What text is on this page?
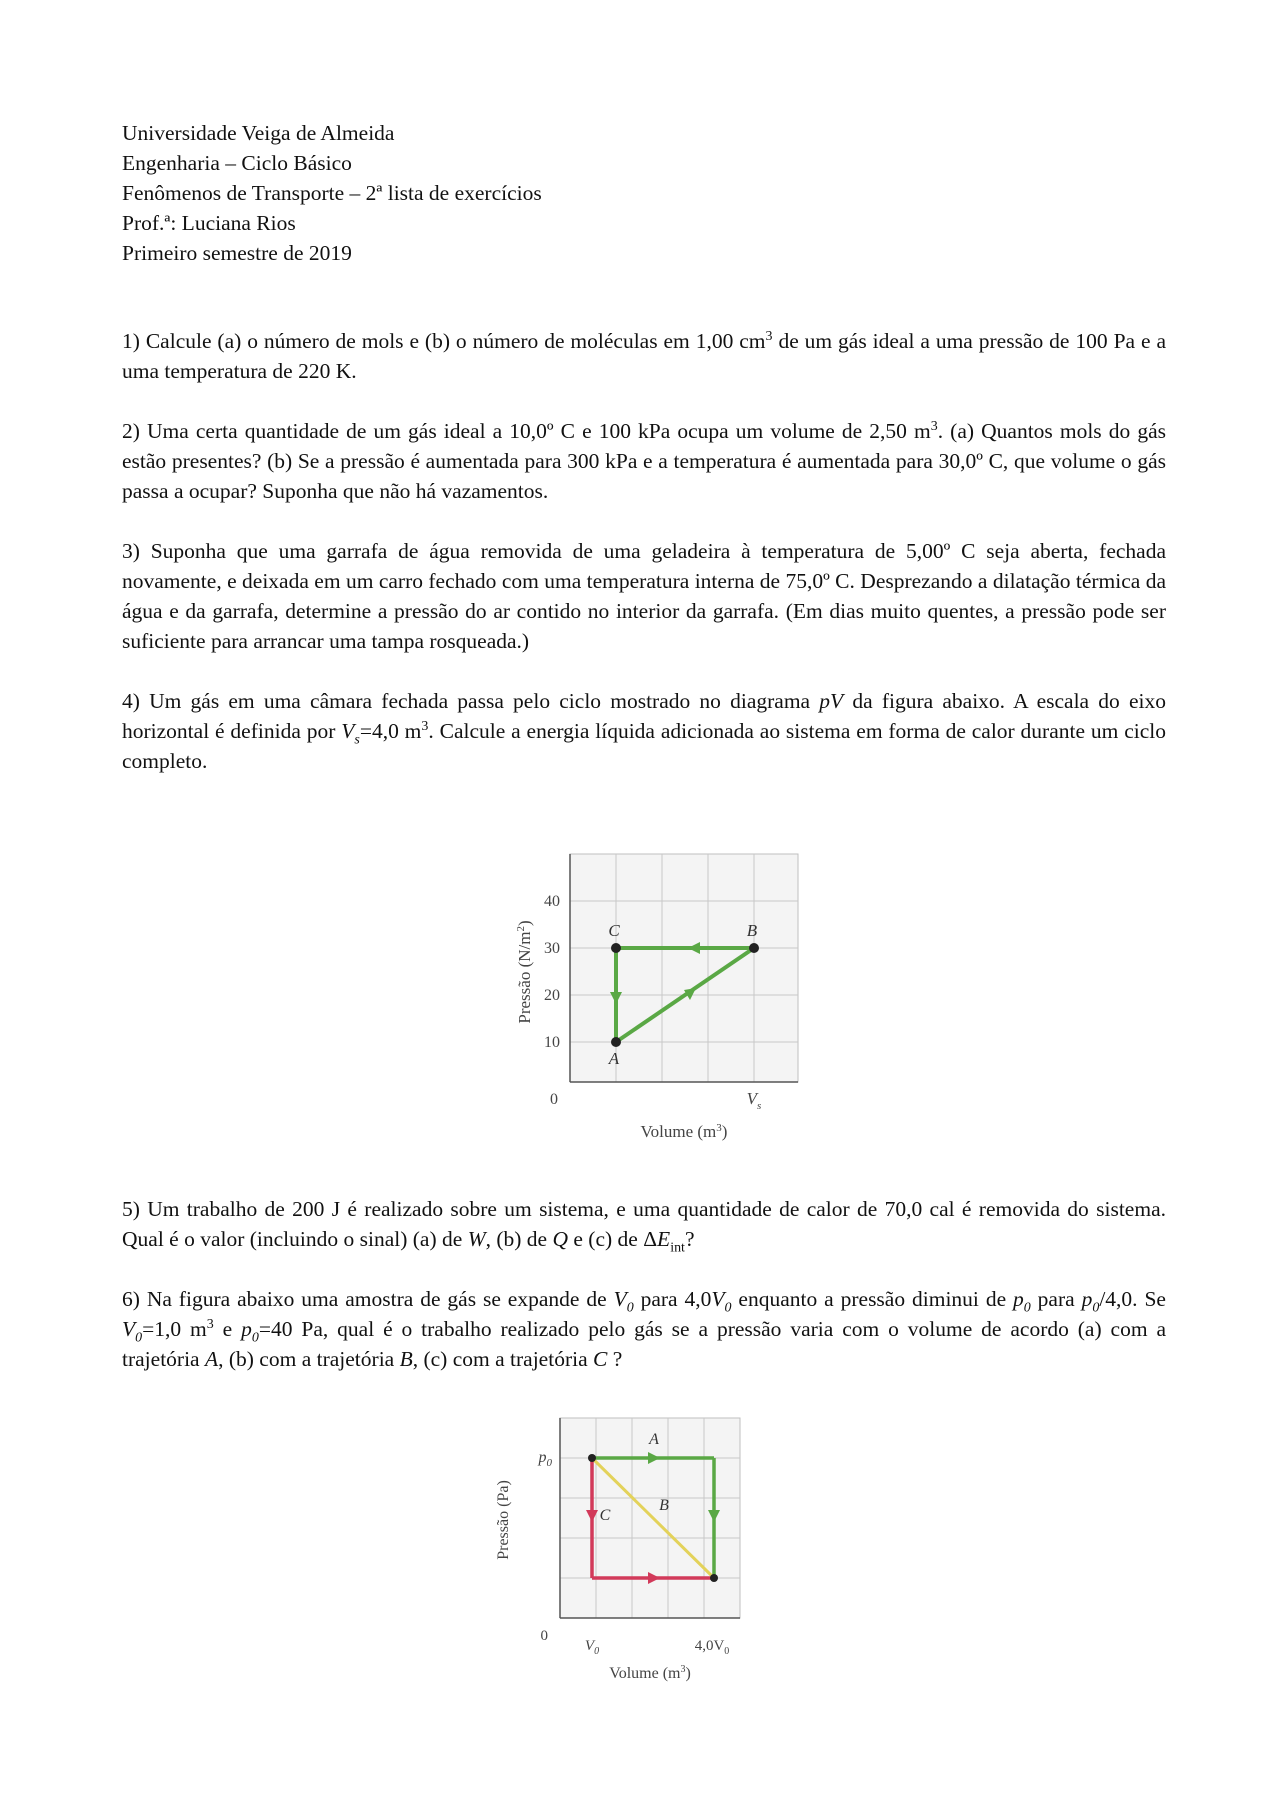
Universidade Veiga de Almeida

Engenharia – Ciclo Básico

Fenômenos de Transporte – 2ª lista de exercícios

Prof.ª: Luciana Rios

Primeiro semestre de 2019

1) Calcule (a) o número de mols e (b) o número de moléculas em 1,00 $cm^3$ de um gás ideal a uma pressão de 100 Pa e a uma temperatura de 220 K.

2) Uma certa quantidade de um gás ideal a 10,0º C e 100 kPa ocupa um volume de 2,50 $m^3$. (a) Quantos mols do gás estão presentes? (b) Se a pressão é aumentada para 300 kPa e a temperatura é aumentada para 30,0º C, que volume o gás passa a ocupar? Suponha que não há vazamentos.

3) Suponha que uma garrafa de água removida de uma geladeira à temperatura de 5,00º C seja aberta, fechada novamente, e deixada em um carro fechado com uma temperatura interna de 75,0º C. Desprezando a dilatação térmica da água e da garrafa, determine a pressão do ar contido no interior da garrafa. (Em dias muito quentes, a pressão pode ser suficiente para arrancar uma tampa rosqueada.)

4) Um gás em uma câmara fechada passa pelo ciclo mostrado no diagrama pV da figura abaixo. A escala do eixo horizontal é definida por $V_s=4,0$ $m^3$. Calcule a energia líquida adicionada ao sistema em forma de calor durante um ciclo completo.

40
30
20
10
0
Pressão $(N/m^2)$	C	B
A
$V_s$
Volume $(m^3)$

5) Um trabalho de 200 J é realizado sobre um sistema, e uma quantidade de calor de 70,0 cal é removida do sistema. Qual é o valor (incluindo o sinal) (a) de W, (b) de Q e (c) de $\Delta E_{int}$?

6) Na figura abaixo uma amostra de gás se expande de $V_0$ para $4,0V_0$ enquanto a pressão diminui de $p_0$ para $p_0/4,0$. Se $V_0=1,0$ $m^3$ e $p_0=40$ Pa, qual é o trabalho realizado pelo gás se a pressão varia com o volume de acordo (a) com a trajetória A, (b) com a trajetória B, (c) com a trajetória C ?

$p_0$
0
$V_0$	$4,0V_0$
Pressão (Pa)
A
B
C
Volume $(m^3)$
